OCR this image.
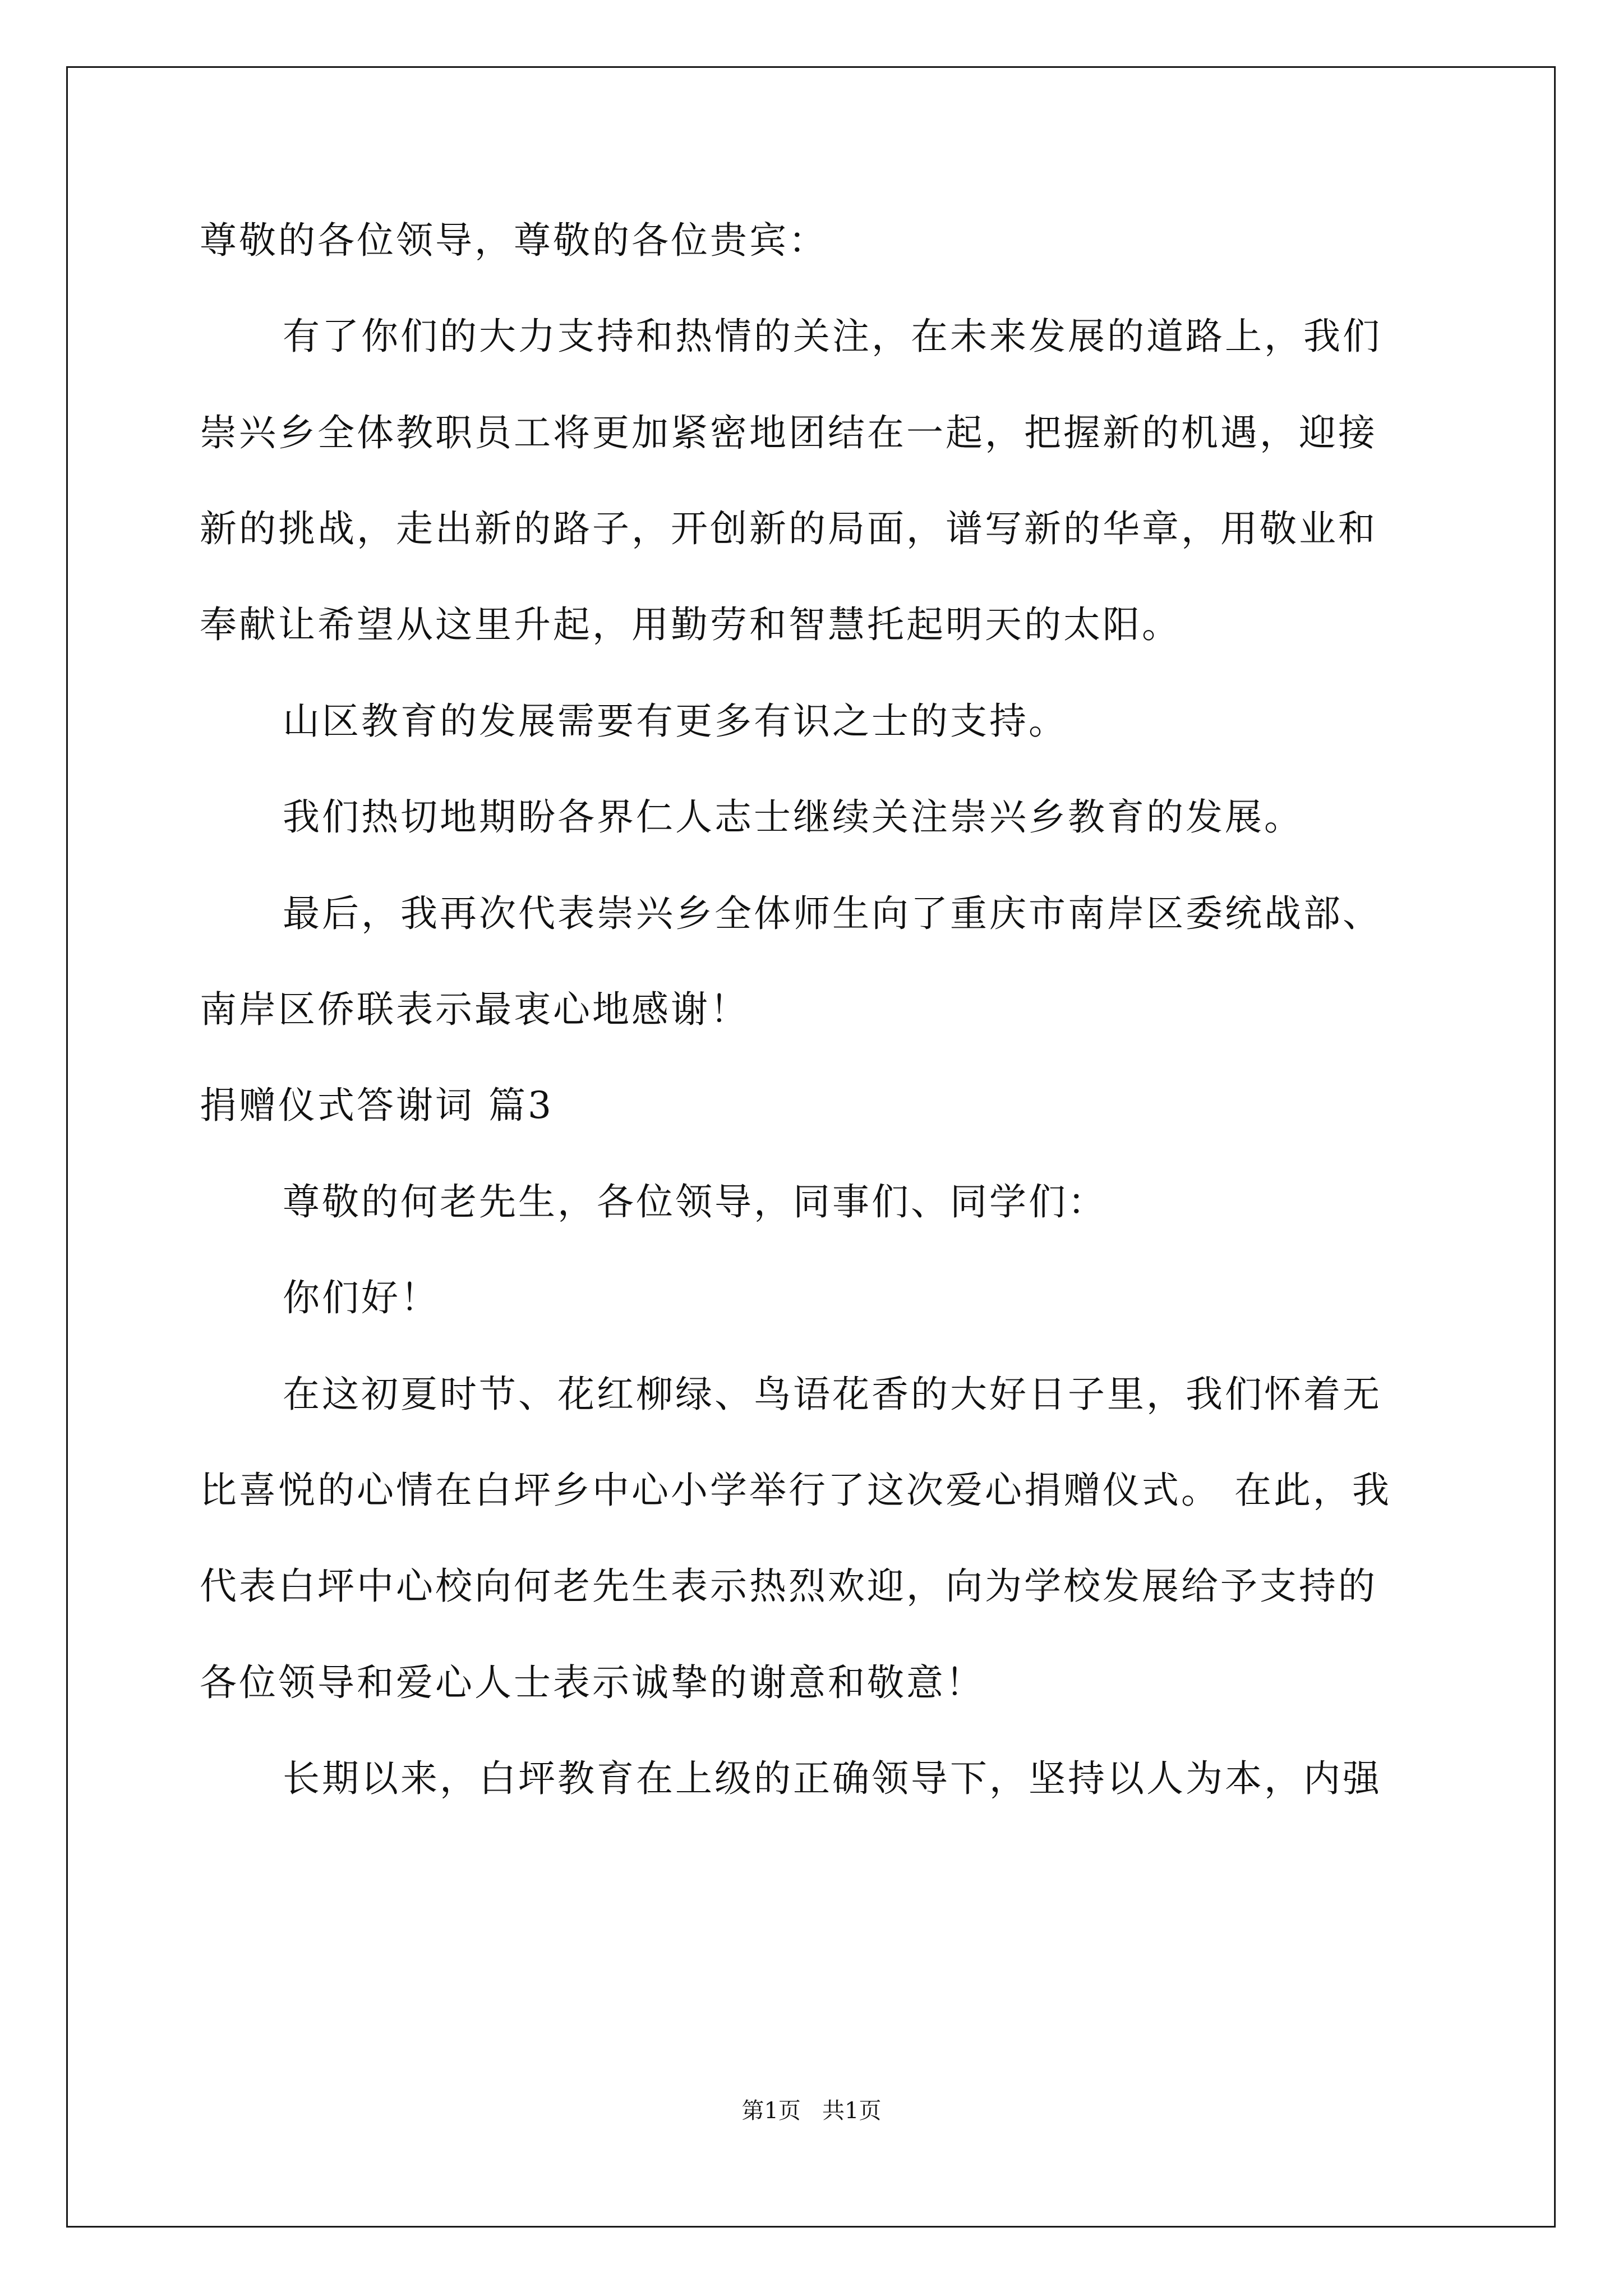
尊敬的各位领导，尊敬的各位贵宾：
有了你们的大力支持和热情的关注，在未来发展的道路上，我们
崇兴乡全体教职员工将更加紧密地团结在一起，把握新的机遇，迎接
新的挑战，走出新的路子，开创新的局面，谱写新的华章，用敬业和
奉献让希望从这里升起，用勤劳和智慧托起明天的太阳。
山区教育的发展需要有更多有识之士的支持。
我们热切地期盼各界仁人志士继续关注崇兴乡教育的发展。
最后，我再次代表崇兴乡全体师生向了重庆市南岸区委统战部、
南岸区侨联表示最衷心地感谢！
捐赠仪式答谢词 篇3
尊敬的何老先生，各位领导，同事们、同学们：
你们好！
在这初夏时节、花红柳绿、鸟语花香的大好日子里，我们怀着无
比喜悦的心情在白坪乡中心小学举行了这次爱心捐赠仪式。 在此，我
代表白坪中心校向何老先生表示热烈欢迎，向为学校发展给予支持的
各位领导和爱心人士表示诚挚的谢意和敬意！
长期以来，白坪教育在上级的正确领导下，坚持以人为本，内强
第1页   共1页
